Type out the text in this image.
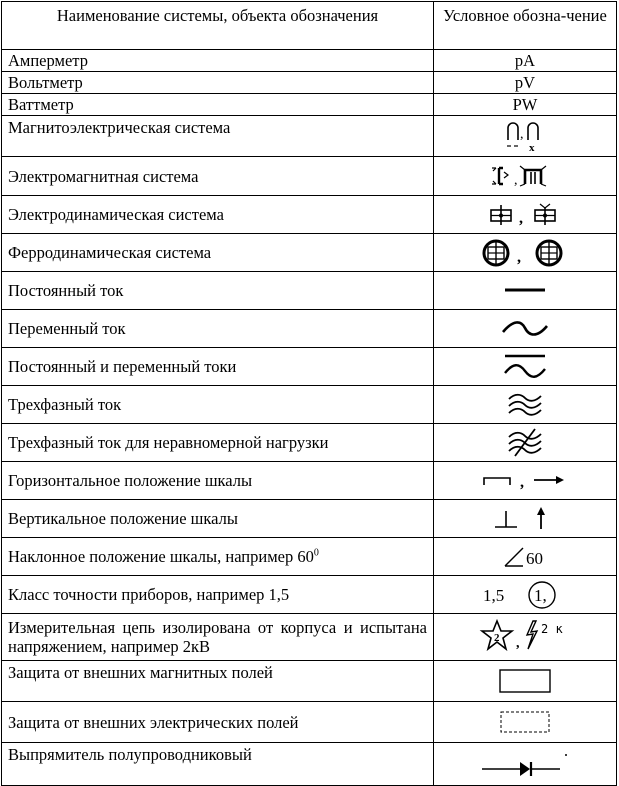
Наименование системы, объекта обозначения	Условное обозна-чение
Амперметр	pA
Вольтметр	pV
Ваттметр	PW
Магнитоэлектрическая система	,
x

Электромагнитная система	,

Электродинамическая система	,

Ферродинамическая система	,

Постоянный ток	
Переменный ток	
Постоянный и переменный токи	
Трехфазный ток	
Трехфазный ток для неравномерной нагрузки	
Горизонтальное положение шкалы	,

Вертикальное положение шкалы	
Наклонное положение шкалы, например $60^0$	60

Класс точности приборов, например 1,5	1,5 1,

Измерительная цепь изолирована от корпуса и испытана напряжением, например 2кВ	2 ,
2 к

Защита от внешних магнитных полей	
Защита от внешних электрических полей	
Выпрямитель полупроводниковый	
